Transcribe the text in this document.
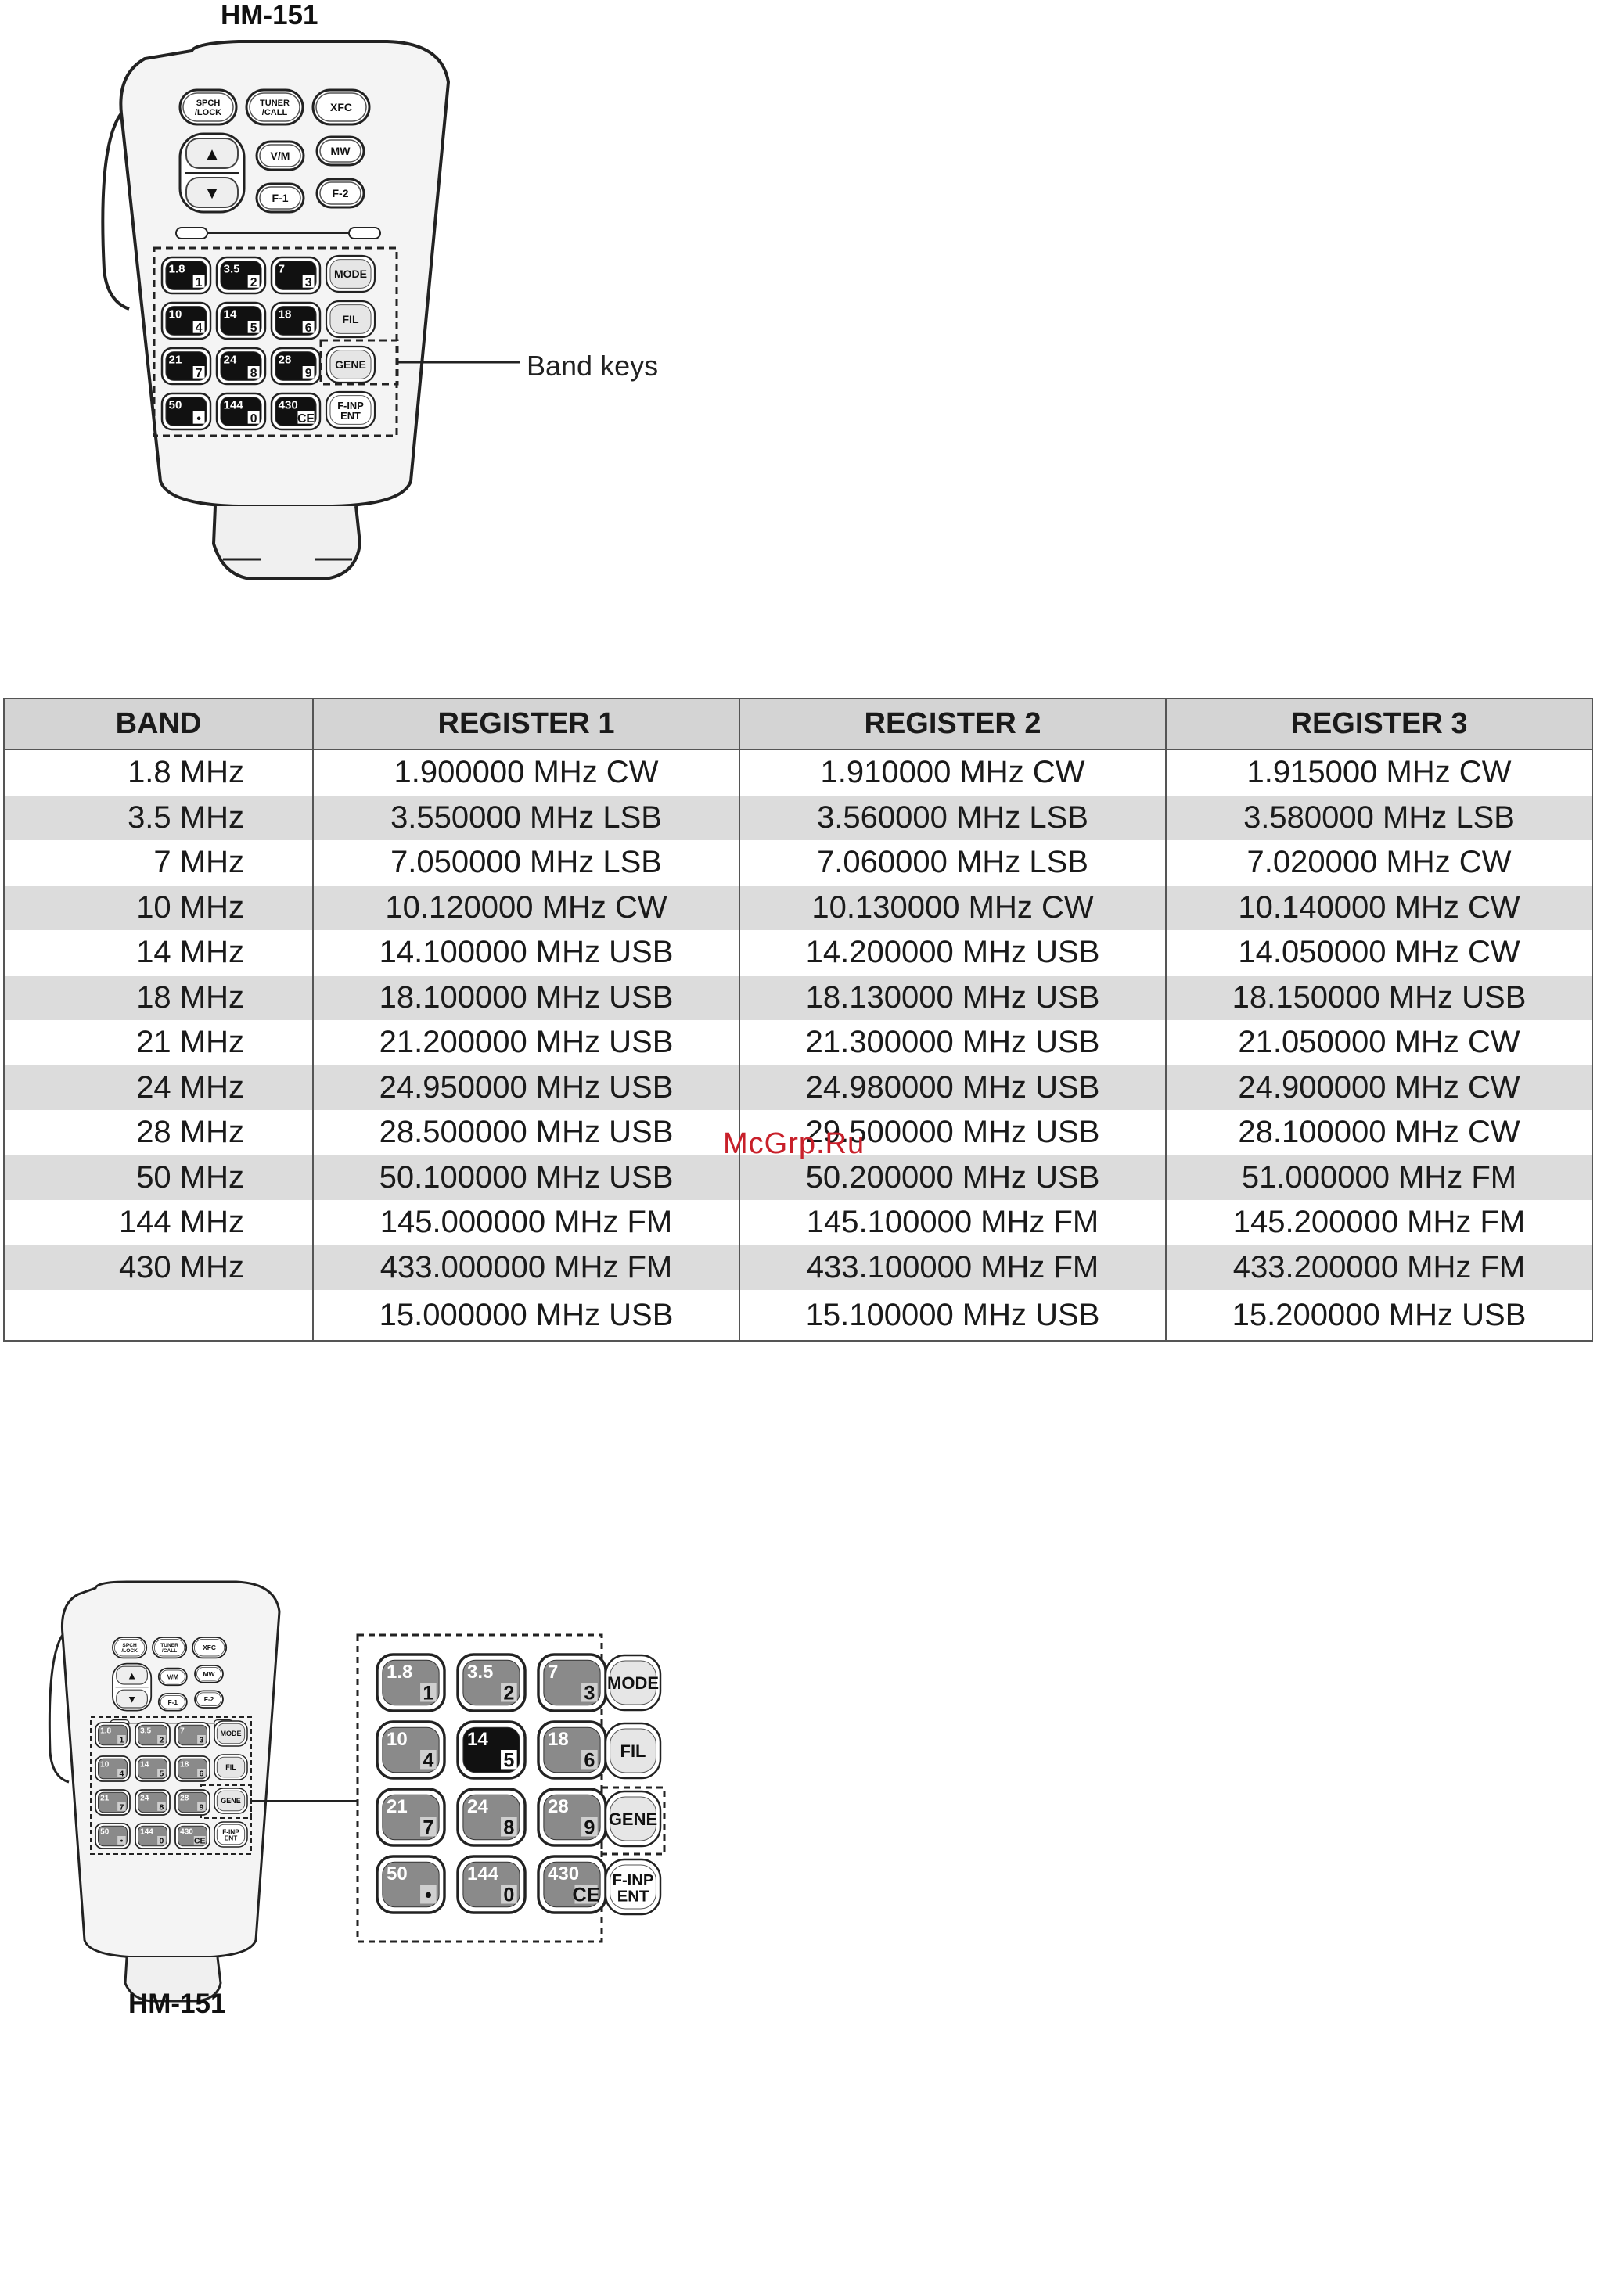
HM-151
SPCH
/LOCK
TUNER
/CALL	XFC
▲
▼
V/M	MW
F-1	F-2
1.8
1
3.5
2
7
3
10
4
14
5
18
6
21
7
24
8
28
9
50
•
144
0
430
CE
MODE
FIL
GENE
F-INP
ENT
Band keys
BAND	REGISTER 1	REGISTER 2	REGISTER 3
1.8 MHz	1.900000 MHz CW	1.910000 MHz CW	1.915000 MHz CW
3.5 MHz	3.550000 MHz LSB	3.560000 MHz LSB	3.580000 MHz LSB
7 MHz	7.050000 MHz LSB	7.060000 MHz LSB	7.020000 MHz CW
10 MHz	10.120000 MHz CW	10.130000 MHz CW	10.140000 MHz CW
14 MHz	14.100000 MHz USB	14.200000 MHz USB	14.050000 MHz CW
18 MHz	18.100000 MHz USB	18.130000 MHz USB	18.150000 MHz USB
21 MHz	21.200000 MHz USB	21.300000 MHz USB	21.050000 MHz CW
24 MHz	24.950000 MHz USB	24.980000 MHz USB	24.900000 MHz CW
28 MHz	28.500000 MHz USB	29.500000 MHz USB	28.100000 MHz CW
50 MHz	50.100000 MHz USB	50.200000 MHz USB	51.000000 MHz FM
144 MHz	145.000000 MHz FM	145.100000 MHz FM	145.200000 MHz FM
430 MHz	433.000000 MHz FM	433.100000 MHz FM	433.200000 MHz FM
	15.000000 MHz USB	15.100000 MHz USB	15.200000 MHz USB
McGrp.Ru
SPCH
/LOCK
TUNER
/CALL	XFC
▲
▼
V/M	MW
F-1	F-2
1.8
1
3.5
2
7
3
10
4
14
5
18
6
21
7
24
8
28
9
50
•
144
0
430
CE
MODE
FIL
GENE
F-INP
ENT
1.8
1
3.5
2
7
3
10
4
14
5
18
6
21
7
24
8
28
9
50
•
144
0
430
CE
MODE
FIL
GENE
F-INP
ENT
HM-151
